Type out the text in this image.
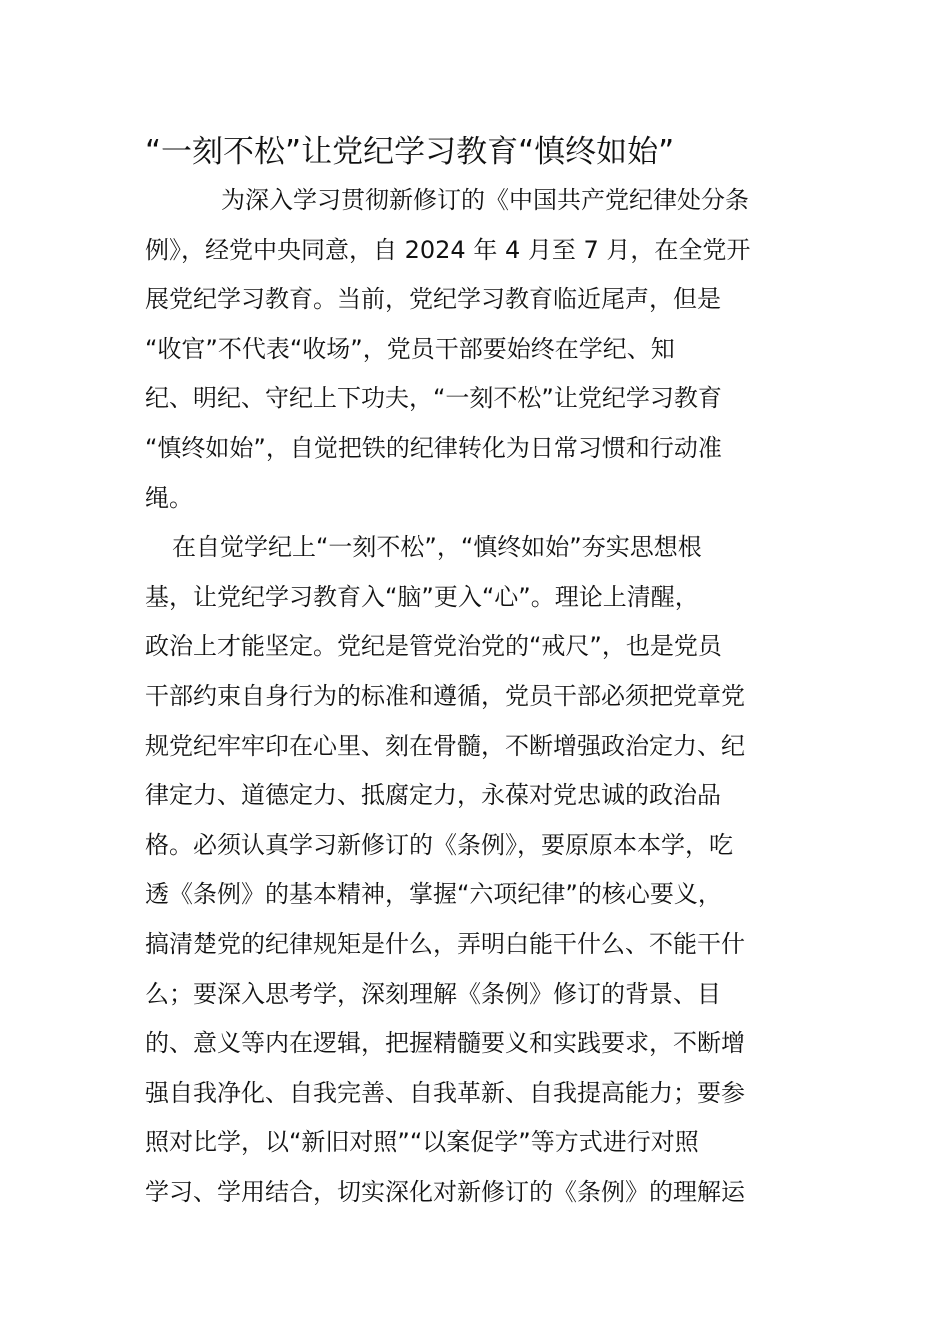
“一刻不松”让党纪学习教育“慎终如始”
为深入学习贯彻新修订的《中国共产党纪律处分条
例》，经党中央同意，自 2024 年 4 月至 7 月，在全党开
展党纪学习教育。当前，党纪学习教育临近尾声，但是
“收官”不代表“收场”，党员干部要始终在学纪、知
纪、明纪、守纪上下功夫，“一刻不松”让党纪学习教育
“慎终如始”，自觉把铁的纪律转化为日常习惯和行动准
绳。
在自觉学纪上“一刻不松”，“慎终如始”夯实思想根
基，让党纪学习教育入“脑”更入“心”。理论上清醒，
政治上才能坚定。党纪是管党治党的“戒尺”，也是党员
干部约束自身行为的标准和遵循，党员干部必须把党章党
规党纪牢牢印在心里、刻在骨髓，不断增强政治定力、纪
律定力、道德定力、抵腐定力，永葆对党忠诚的政治品
格。必须认真学习新修订的《条例》，要原原本本学，吃
透《条例》的基本精神，掌握“六项纪律”的核心要义，
搞清楚党的纪律规矩是什么，弄明白能干什么、不能干什
么；要深入思考学，深刻理解《条例》修订的背景、目
的、意义等内在逻辑，把握精髓要义和实践要求，不断增
强自我净化、自我完善、自我革新、自我提高能力；要参
照对比学，以“新旧对照”“以案促学”等方式进行对照
学习、学用结合，切实深化对新修订的《条例》的理解运
